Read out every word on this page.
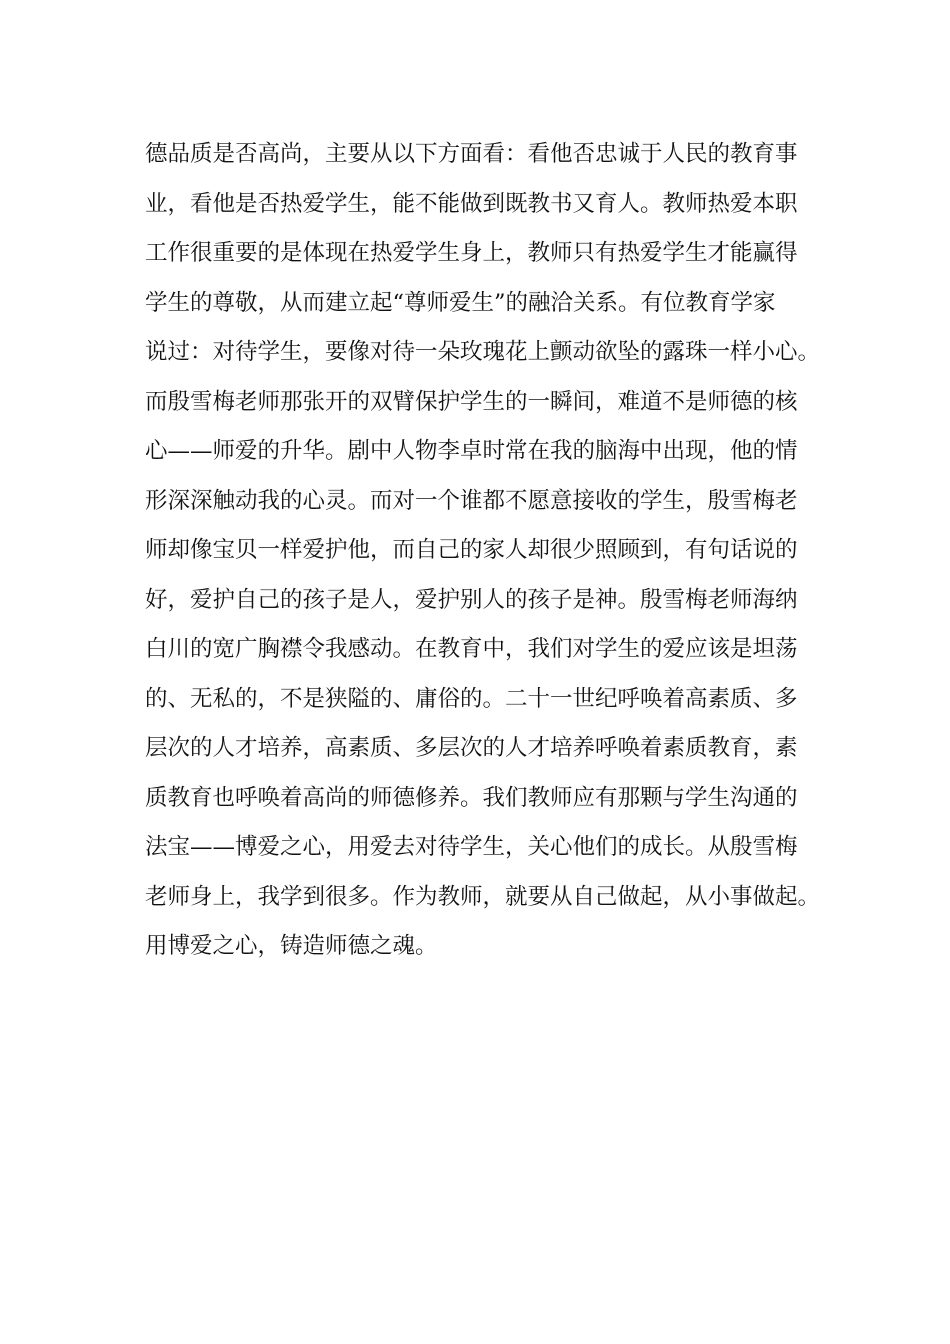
德品质是否高尚，主要从以下方面看：看他否忠诚于人民的教育事
业，看他是否热爱学生，能不能做到既教书又育人。教师热爱本职
工作很重要的是体现在热爱学生身上，教师只有热爱学生才能赢得
学生的尊敬，从而建立起“尊师爱生”的融洽关系。有位教育学家
说过：对待学生，要像对待一朵玫瑰花上颤动欲坠的露珠一样小心。
而殷雪梅老师那张开的双臂保护学生的一瞬间，难道不是师德的核
心——师爱的升华。剧中人物李卓时常在我的脑海中出现，他的情
形深深触动我的心灵。而对一个谁都不愿意接收的学生，殷雪梅老
师却像宝贝一样爱护他，而自己的家人却很少照顾到，有句话说的
好，爱护自己的孩子是人，爱护别人的孩子是神。殷雪梅老师海纳
白川的宽广胸襟令我感动。在教育中，我们对学生的爱应该是坦荡
的、无私的，不是狭隘的、庸俗的。二十一世纪呼唤着高素质、多
层次的人才培养，高素质、多层次的人才培养呼唤着素质教育，素
质教育也呼唤着高尚的师德修养。我们教师应有那颗与学生沟通的
法宝——博爱之心，用爱去对待学生，关心他们的成长。从殷雪梅
老师身上，我学到很多。作为教师，就要从自己做起，从小事做起。
用博爱之心，铸造师德之魂。
